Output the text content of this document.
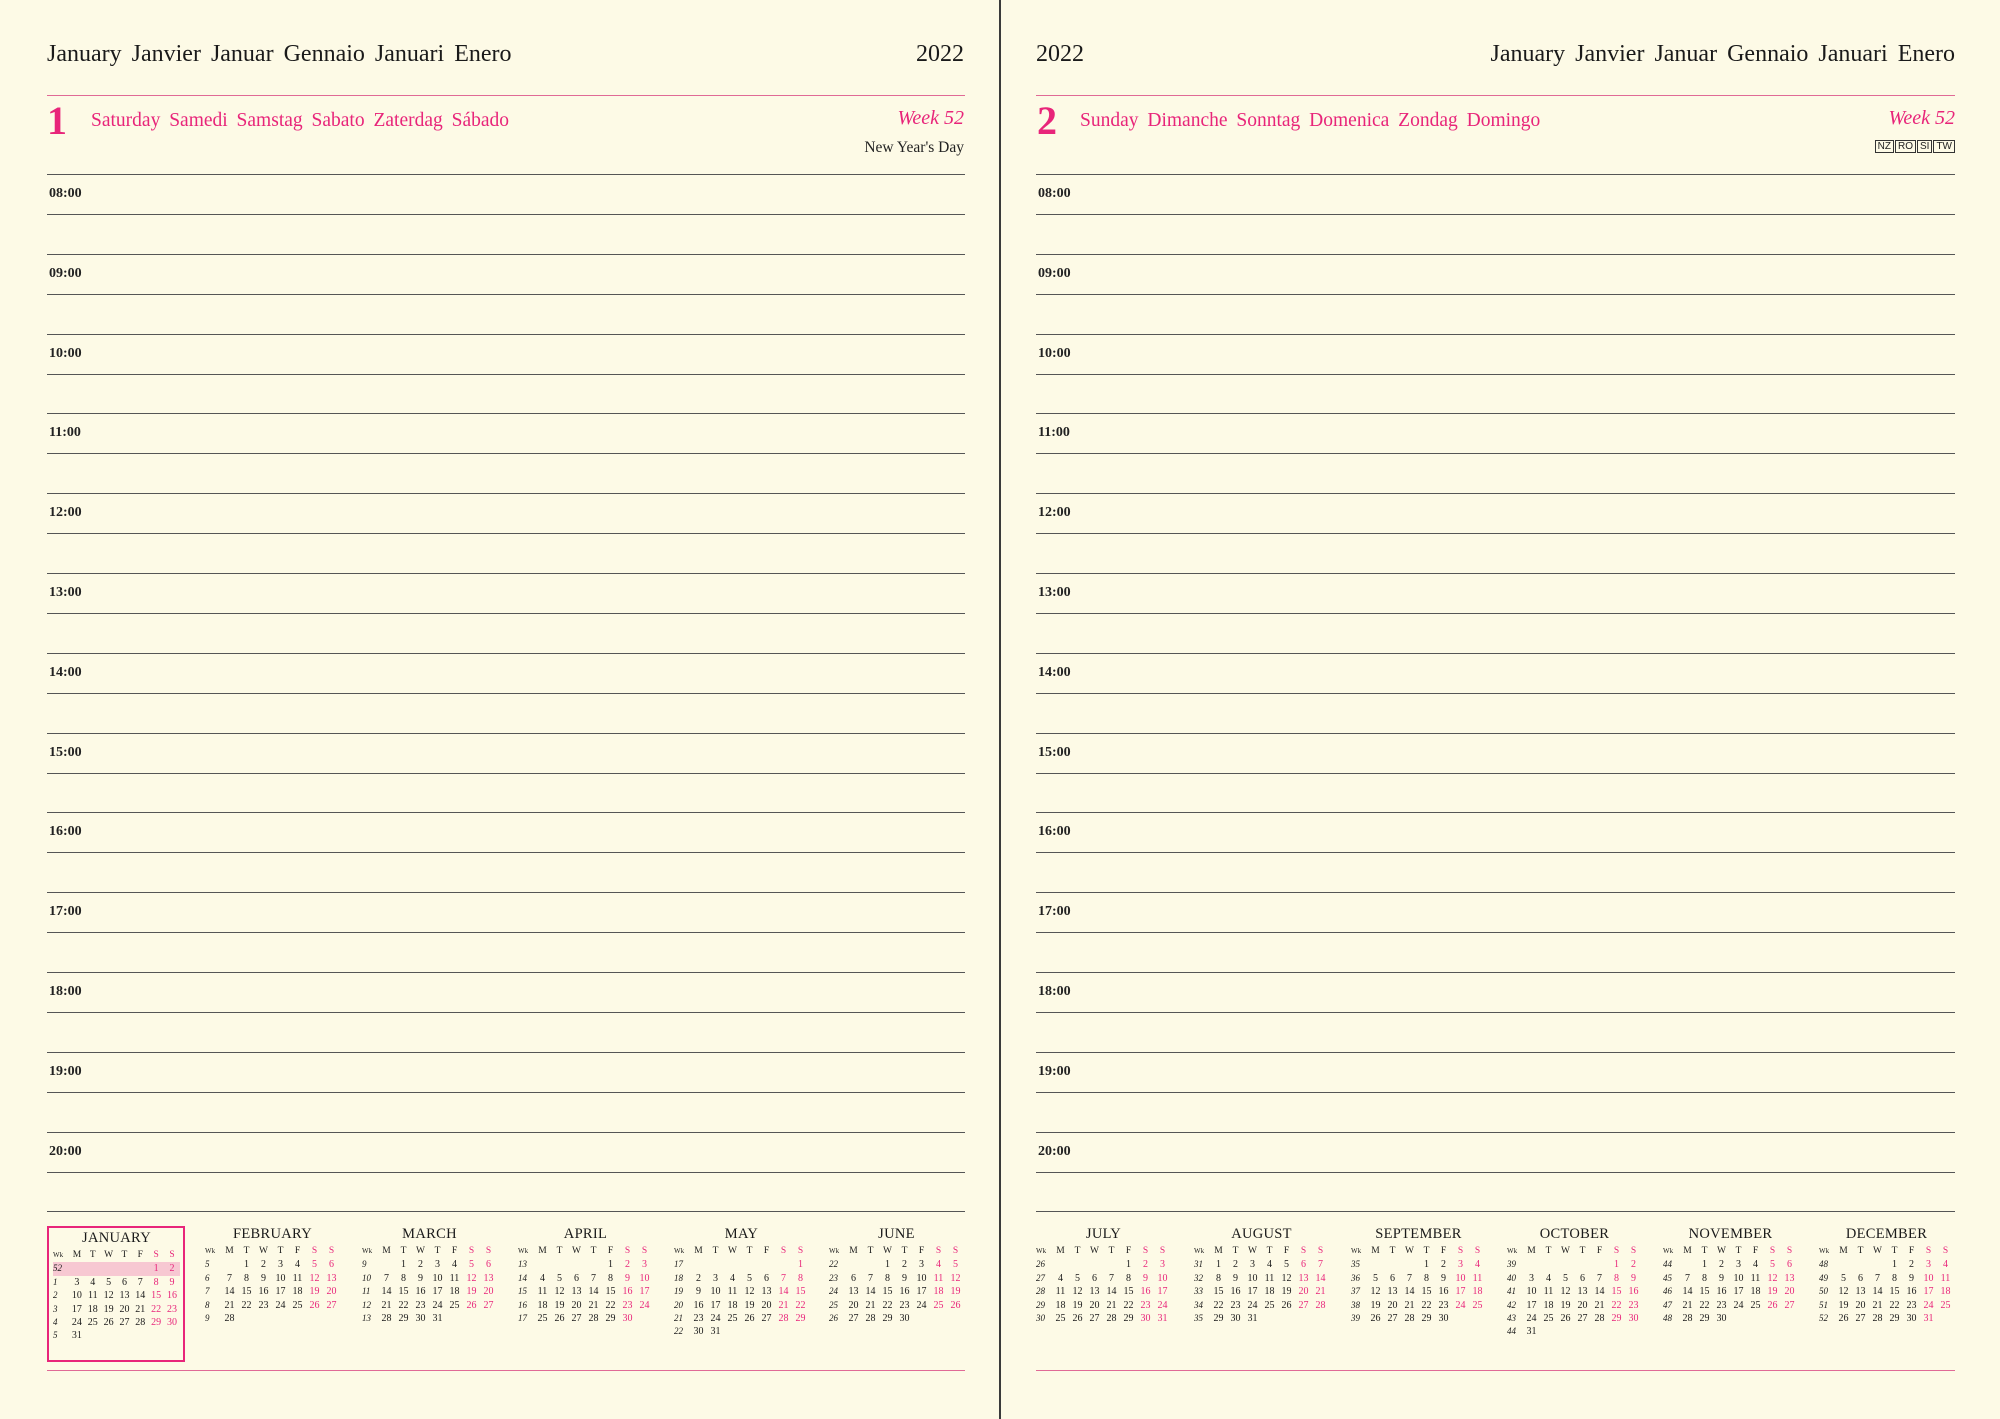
January Janvier Januar Gennaio Januari Enero	2022
1 Saturday Samedi Samstag Sabato Zaterdag Sábado	Week 52
New Year's Day
08:00
09:00
10:00
11:00
12:00
13:00
14:00
15:00
16:00
17:00
18:00
19:00
20:00
JANUARY
Wk	M	T	W	T	F	S	S
52						1	2
1	3	4	5	6	7	8	9
2	10	11	12	13	14	15	16
3	17	18	19	20	21	22	23
4	24	25	26	27	28	29	30
5	31						
FEBRUARY
Wk	M	T	W	T	F	S	S
5		1	2	3	4	5	6
6	7	8	9	10	11	12	13
7	14	15	16	17	18	19	20
8	21	22	23	24	25	26	27
9	28						
MARCH
Wk	M	T	W	T	F	S	S
9		1	2	3	4	5	6
10	7	8	9	10	11	12	13
11	14	15	16	17	18	19	20
12	21	22	23	24	25	26	27
13	28	29	30	31			
APRIL
Wk	M	T	W	T	F	S	S
13					1	2	3
14	4	5	6	7	8	9	10
15	11	12	13	14	15	16	17
16	18	19	20	21	22	23	24
17	25	26	27	28	29	30	
MAY
Wk	M	T	W	T	F	S	S
17							1
18	2	3	4	5	6	7	8
19	9	10	11	12	13	14	15
20	16	17	18	19	20	21	22
21	23	24	25	26	27	28	29
22	30	31					
JUNE
Wk	M	T	W	T	F	S	S
22			1	2	3	4	5
23	6	7	8	9	10	11	12
24	13	14	15	16	17	18	19
25	20	21	22	23	24	25	26
26	27	28	29	30			
2022	January Janvier Januar Gennaio Januari Enero
2 Sunday Dimanche Sonntag Domenica Zondag Domingo	Week 52
NZ RO SI TW
08:00
09:00
10:00
11:00
12:00
13:00
14:00
15:00
16:00
17:00
18:00
19:00
20:00
JULY
Wk	M	T	W	T	F	S	S
26					1	2	3
27	4	5	6	7	8	9	10
28	11	12	13	14	15	16	17
29	18	19	20	21	22	23	24
30	25	26	27	28	29	30	31
AUGUST
Wk	M	T	W	T	F	S	S
31	1	2	3	4	5	6	7
32	8	9	10	11	12	13	14
33	15	16	17	18	19	20	21
34	22	23	24	25	26	27	28
35	29	30	31				
SEPTEMBER
Wk	M	T	W	T	F	S	S
35				1	2	3	4
36	5	6	7	8	9	10	11
37	12	13	14	15	16	17	18
38	19	20	21	22	23	24	25
39	26	27	28	29	30		
OCTOBER
Wk	M	T	W	T	F	S	S
39						1	2
40	3	4	5	6	7	8	9
41	10	11	12	13	14	15	16
42	17	18	19	20	21	22	23
43	24	25	26	27	28	29	30
44	31						
NOVEMBER
Wk	M	T	W	T	F	S	S
44		1	2	3	4	5	6
45	7	8	9	10	11	12	13
46	14	15	16	17	18	19	20
47	21	22	23	24	25	26	27
48	28	29	30				
DECEMBER
Wk	M	T	W	T	F	S	S
48				1	2	3	4
49	5	6	7	8	9	10	11
50	12	13	14	15	16	17	18
51	19	20	21	22	23	24	25
52	26	27	28	29	30	31	
